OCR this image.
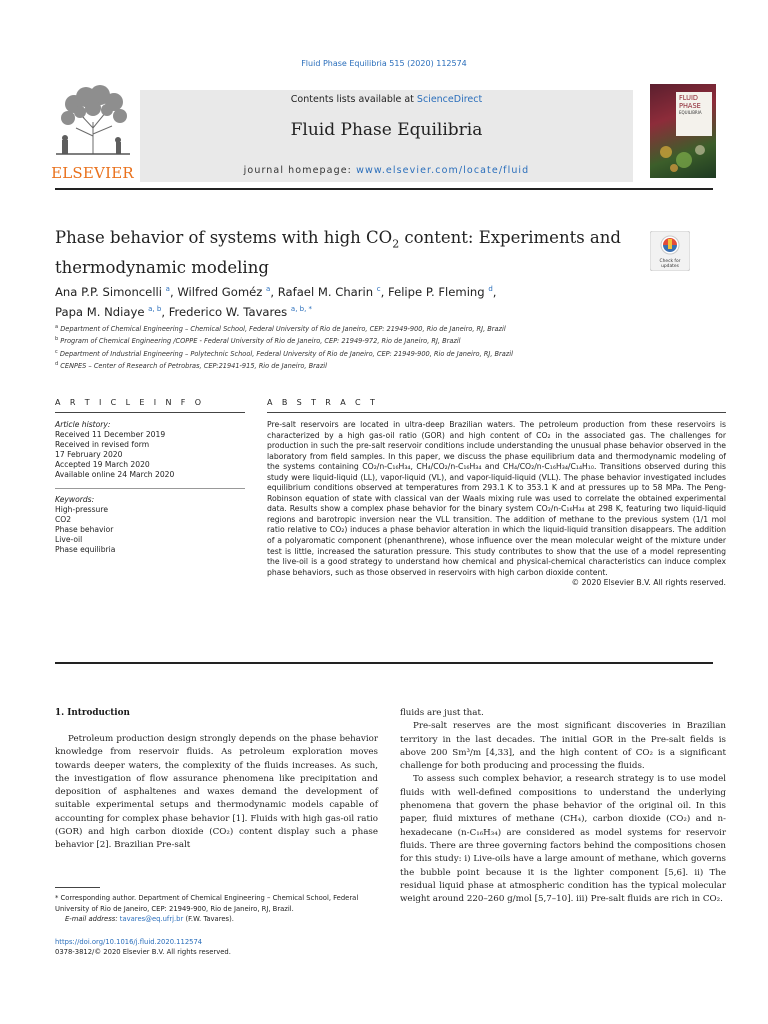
Fluid Phase Equilibria 515 (2020) 112574
ELSEVIER
Contents lists available at ScienceDirect
Fluid Phase Equilibria
journal homepage: www.elsevier.com/locate/fluid
FLUID
PHASE
EQUILIBRIA
Phase behavior of systems with high $CO_2$ content: Experiments and
thermodynamic modeling	Check for
updates
Ana P.P. Simoncelli $^a$, Wilfred Goméz $^a$, Rafael M. Charin $^c$, Felipe P. Fleming $^d$,
Papa M. Ndiaye $^{a, b}$, Frederico W. Tavares $^{a, b, *}$
$^a$ Department of Chemical Engineering – Chemical School, Federal University of Rio de Janeiro, CEP: 21949-900, Rio de Janeiro, RJ, Brazil
$^b$ Program of Chemical Engineering /COPPE - Federal University of Rio de Janeiro, CEP: 21949-972, Rio de Janeiro, RJ, Brazil
$^c$ Department of Industrial Engineering – Polytechnic School, Federal University of Rio de Janeiro, CEP: 21949-900, Rio de Janeiro, RJ, Brazil
$^d$ CENPES – Center of Research of Petrobras, CEP:21941-915, Rio de Janeiro, Brazil
A R T I C L E I N F O	A B S T R A C T
Article history:
Received 11 December 2019
Received in revised form
17 February 2020
Accepted 19 March 2020
Available online 24 March 2020
Keywords:
High-pressure
CO2
Phase behavior
Live-oil
Phase equilibria
Pre-salt reservoirs are located in ultra-deep Brazilian waters. The petroleum production from these reservoirs is characterized by a high gas-oil ratio (GOR) and high content of CO₂ in the associated gas. The challenges for production in such the pre-salt reservoir conditions include understanding the unusual phase behavior observed in the laboratory from field samples. In this paper, we discuss the phase equilibrium data and thermodynamic modeling of the systems containing CO₂/n-C₁₆H₃₄, CH₄/CO₂/n-C₁₆H₃₄ and CH₄/CO₂/n-C₁₆H₃₄/C₁₄H₁₀. Transitions observed during this study were liquid-liquid (LL), vapor-liquid (VL), and vapor-liquid-liquid (VLL). The phase behavior investigated includes equilibrium conditions observed at temperatures from 293.1 K to 353.1 K and at pressures up to 58 MPa. The Peng-Robinson equation of state with classical van der Waals mixing rule was used to correlate the obtained experimental data. Results show a complex phase behavior for the binary system CO₂/n-C₁₆H₃₄ at 298 K, featuring two liquid-liquid regions and barotropic inversion near the VLL transition. The addition of methane to the previous system (1/1 mol ratio relative to CO₂) induces a phase behavior alteration in which the liquid-liquid transition disappears. The addition of a polyaromatic component (phenanthrene), whose influence over the mean molecular weight of the mixture under test is little, increased the saturation pressure. This study contributes to show that the use of a model representing the live-oil is a good strategy to understand how chemical and physical-chemical characteristics can induce complex phase behaviors, such as those observed in reservoirs with high carbon dioxide content.
© 2020 Elsevier B.V. All rights reserved.
1. Introduction

Petroleum production design strongly depends on the phase behavior knowledge from reservoir fluids. As petroleum exploration moves towards deeper waters, the complexity of the fluids increases. As such, the investigation of flow assurance phenomena like precipitation and deposition of asphaltenes and waxes demand the development of suitable experimental setups and thermodynamic models capable of accounting for complex phase behavior [1]. Fluids with high gas-oil ratio (GOR) and high carbon dioxide (CO₂) content display such a phase behavior [2]. Brazilian Pre-salt

fluids are just that.

Pre-salt reserves are the most significant discoveries in Brazilian territory in the last decades. The initial GOR in the Pre-salt fields is above 200 Sm³/m [4,33], and the high content of CO₂ is a significant challenge for both producing and processing the fluids.

To assess such complex behavior, a research strategy is to use model fluids with well-defined compositions to understand the underlying phenomena that govern the phase behavior of the original oil. In this paper, fluid mixtures of methane (CH₄), carbon dioxide (CO₂) and n-hexadecane (n-C₁₆H₃₄) are considered as model systems for reservoir fluids. There are three governing factors behind the compositions chosen for this study: i) Live-oils have a large amount of methane, which governs the bubble point because it is the lighter component [5,6]. ii) The residual liquid phase at atmospheric condition has the typical molecular weight around 220–260 g/mol [5,7–10]. iii) Pre-salt fluids are rich in CO₂.

* Corresponding author. Department of Chemical Engineering – Chemical School, Federal University of Rio de Janeiro, CEP: 21949-900, Rio de Janeiro, RJ, Brazil.
E-mail address: tavares@eq.ufrj.br (F.W. Tavares).
https://doi.org/10.1016/j.fluid.2020.112574
0378-3812/© 2020 Elsevier B.V. All rights reserved.
